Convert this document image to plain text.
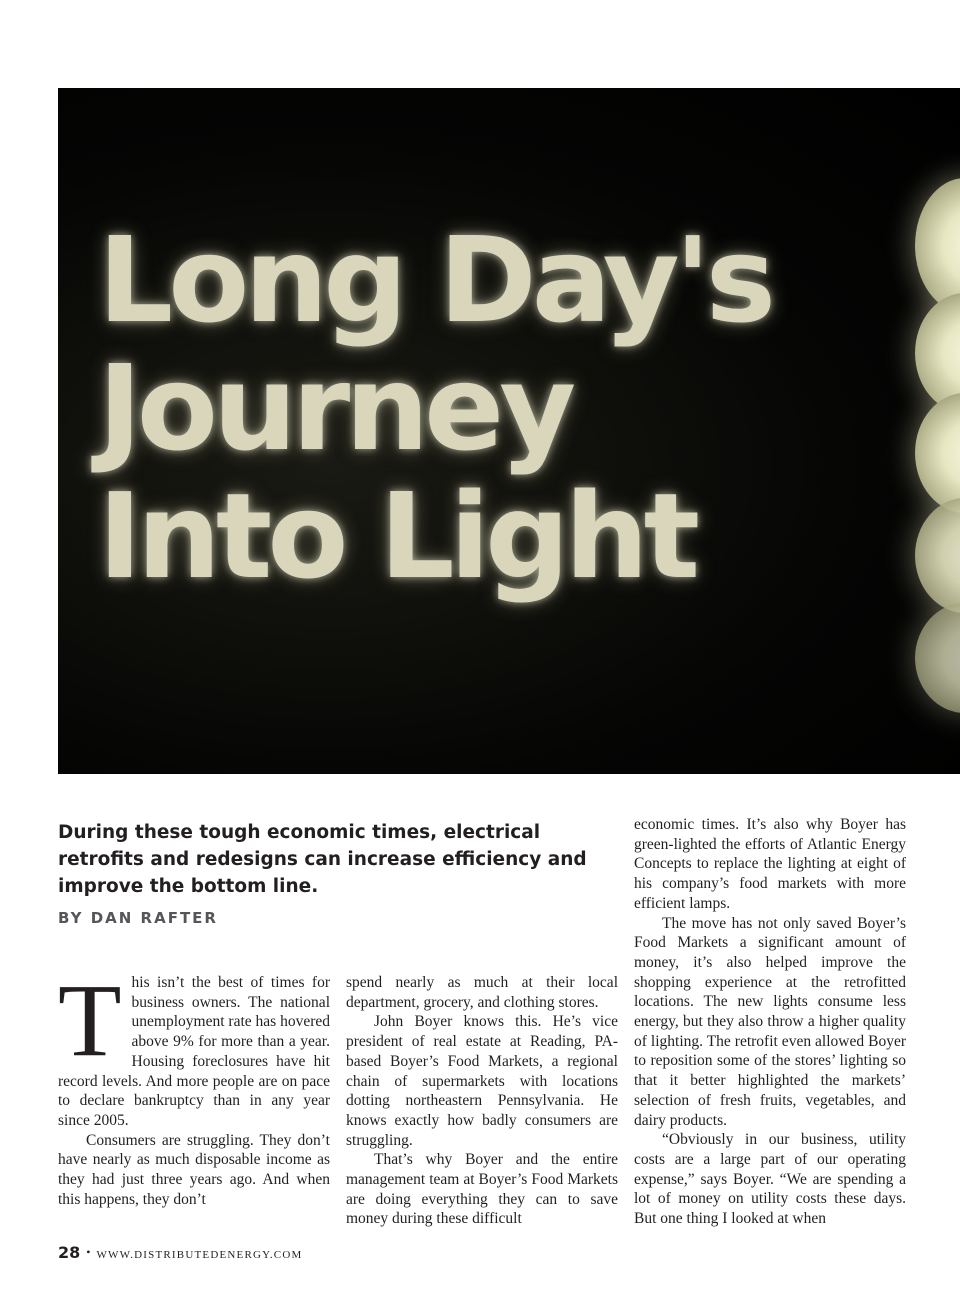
Long Day's
Journey
Into Light

During these tough economic times, electrical retrofits and redesigns can increase efficiency and improve the bottom line.

BY DAN RAFTER

This isn’t the best of times for business owners. The national unemployment rate has hovered above 9% for more than a year. Housing foreclosures have hit record levels. And more people are on pace to declare bankruptcy than in any year since 2005.

Consumers are struggling. They don’t have nearly as much disposable income as they had just three years ago. And when this happens, they don’t

spend nearly as much at their local department, grocery, and clothing stores.

John Boyer knows this. He’s vice president of real estate at Reading, PA-based Boyer’s Food Markets, a regional chain of supermarkets with locations dotting northeastern Pennsylvania. He knows exactly how badly consumers are struggling.

That’s why Boyer and the entire management team at Boyer’s Food Markets are doing everything they can to save money during these difficult

economic times. It’s also why Boyer has green-lighted the efforts of Atlantic Energy Concepts to replace the lighting at eight of his company’s food markets with more efficient lamps.

The move has not only saved Boyer’s Food Markets a significant amount of money, it’s also helped improve the shopping experience at the retrofitted locations. The new lights consume less energy, but they also throw a higher quality of lighting. The retrofit even allowed Boyer to reposition some of the stores’ lighting so that it better highlighted the markets’ selection of fresh fruits, vegetables, and dairy products.

“Obviously in our business, utility costs are a large part of our operating expense,” says Boyer. “We are spending a lot of money on utility costs these days. But one thing I looked at when

28 • WWW.DISTRIBUTEDENERGY.COM
